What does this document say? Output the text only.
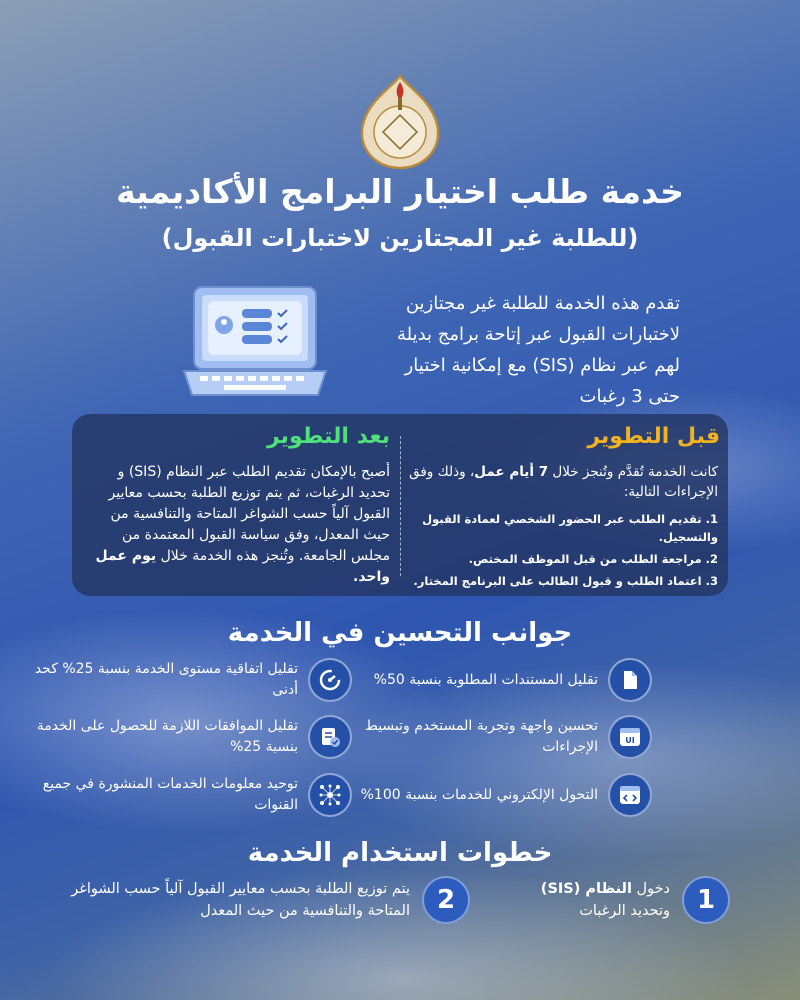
خدمة طلب اختيار البرامج الأكاديمية
(للطلبة غير المجتازين لاختبارات القبول)
تقدم هذه الخدمة للطلبة غير مجتازين
لاختبارات القبول عبر إتاحة برامج بديلة
لهم عبر نظام (SIS) مع إمكانية اختيار
حتى 3 رغبات
قبل التطوير
بعد التطوير
كانت الخدمة تُقدَّم وتُنجز خلال 7 أيام عمل، وذلك وفق الإجراءات التالية:
1. تقديم الطلب عبر الحضور الشخصي لعمادة القبول والتسجيل.
2. مراجعة الطلب من قبل الموظف المختص.
3. اعتماد الطلب و قبول الطالب على البرنامج المختار.
أصبح بالإمكان تقديم الطلب عبر النظام (SIS) و تحديد الرغبات، ثم يتم توزيع الطلبة بحسب معايير القبول آلياً حسب الشواغر المتاحة والتنافسية من حيث المعدل، وفق سياسة القبول المعتمدة من مجلس الجامعة. وتُنجز هذه الخدمة خلال يوم عمل واحد.
جوانب التحسين في الخدمة
تقليل المستندات المطلوبة بنسبة 50%
تقليل اتفاقية مستوى الخدمة بنسبة 25% كحد أدنى
UI
تحسين واجهة وتجربة المستخدم وتبسيط الإجراءات
تقليل الموافقات اللازمة للحصول على الخدمة بنسبة 25%
التحول الإلكتروني للخدمات بنسبة 100%
توحيد معلومات الخدمات المنشورة في جميع القنوات
خطوات استخدام الخدمة
1
دخول النظام (SIS)
وتحديد الرغبات
2
يتم توزيع الطلبة بحسب معايير القبول آلياً حسب الشواغر المتاحة والتنافسية من حيث المعدل
